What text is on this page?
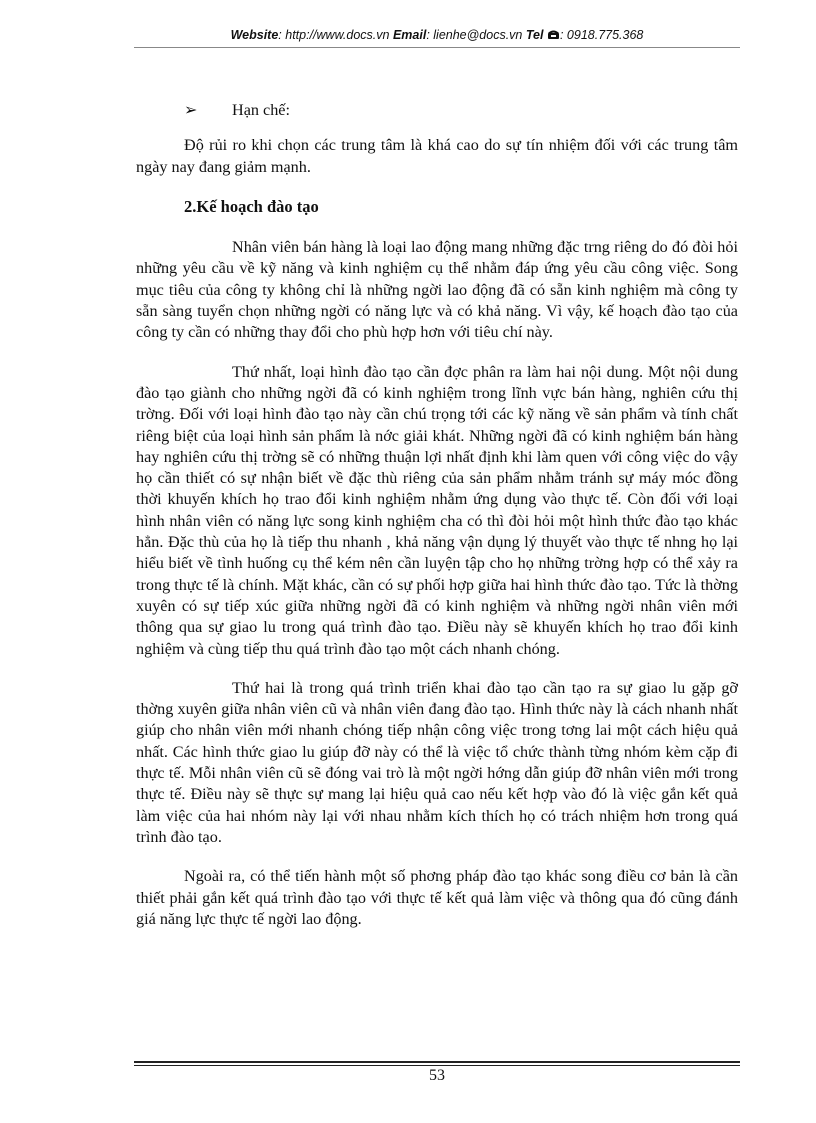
Website: http://www.docs.vn Email: lienhe@docs.vn Tel : 0918.775.368
➢ Hạn chế:

Độ rủi ro khi chọn các trung tâm là khá cao do sự tín nhiệm đối với các trung tâm ngày nay đang giảm mạnh.

2.Kế hoạch đào tạo

Nhân viên bán hàng là loại lao động mang những đặc trng riêng do đó đòi hỏi những yêu cầu về kỹ năng và kinh nghiệm cụ thể nhằm đáp ứng yêu cầu công việc. Song mục tiêu của công ty không chỉ là những ngời lao động đã có sẵn kinh nghiệm mà công ty sẵn sàng tuyển chọn những ngời có năng lực và có khả năng. Vì vậy, kế hoạch đào tạo của công ty cần có những thay đổi cho phù hợp hơn với tiêu chí này.

Thứ nhất, loại hình đào tạo cần đợc phân ra làm hai nội dung. Một nội dung đào tạo giành cho những ngời đã có kinh nghiệm trong lĩnh vực bán hàng, nghiên cứu thị trờng. Đối với loại hình đào tạo này cần chú trọng tới các kỹ năng về sản phẩm và tính chất riêng biệt của loại hình sản phẩm là nớc giải khát. Những ngời đã có kinh nghiệm bán hàng hay nghiên cứu thị trờng sẽ có những thuận lợi nhất định khi làm quen với công việc do vậy họ cần thiết có sự nhận biết về đặc thù riêng của sản phẩm nhằm tránh sự máy móc đồng thời khuyến khích họ trao đổi kinh nghiệm nhằm ứng dụng vào thực tế. Còn đối với loại hình nhân viên có năng lực song kinh nghiệm cha có thì đòi hỏi một hình thức đào tạo khác hẳn. Đặc thù của họ là tiếp thu nhanh , khả năng vận dụng lý thuyết vào thực tế nhng họ lại hiểu biết về tình huống cụ thể kém nên cần luyện tập cho họ những trờng hợp có thể xảy ra trong thực tế là chính. Mặt khác, cần có sự phối hợp giữa hai hình thức đào tạo. Tức là thờng xuyên có sự tiếp xúc giữa những ngời đã có kinh nghiệm và những ngời nhân viên mới thông qua sự giao lu trong quá trình đào tạo. Điều này sẽ khuyến khích họ trao đổi kinh nghiệm và cùng tiếp thu quá trình đào tạo một cách nhanh chóng.

Thứ hai là trong quá trình triển khai đào tạo cần tạo ra sự giao lu gặp gỡ thờng xuyên giữa nhân viên cũ và nhân viên đang đào tạo. Hình thức này là cách nhanh nhất giúp cho nhân viên mới nhanh chóng tiếp nhận công việc trong tơng lai một cách hiệu quả nhất. Các hình thức giao lu giúp đỡ này có thể là việc tổ chức thành từng nhóm kèm cặp đi thực tế. Mỗi nhân viên cũ sẽ đóng vai trò là một ngời hớng dẫn giúp đỡ nhân viên mới trong thực tế. Điều này sẽ thực sự mang lại hiệu quả cao nếu kết hợp vào đó là việc gắn kết quả làm việc của hai nhóm này lại với nhau nhằm kích thích họ có trách nhiệm hơn trong quá trình đào tạo.

Ngoài ra, có thể tiến hành một số phơng pháp đào tạo khác song điều cơ bản là cần thiết phải gắn kết quá trình đào tạo với thực tế kết quả làm việc và thông qua đó cũng đánh giá năng lực thực tế ngời lao động.

53
